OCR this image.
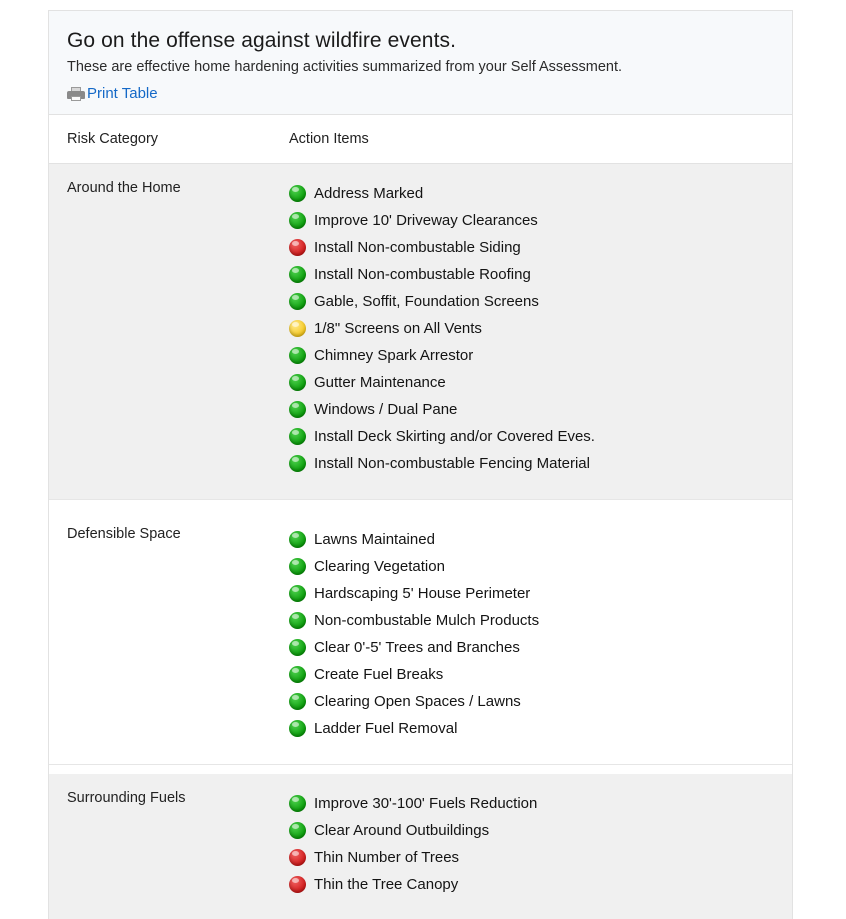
Go on the offense against wildfire events.

These are effective home hardening activities summarized from your Self Assessment.

Print Table
Risk Category	Action Items
Around the Home	Address Marked
Improve 10' Driveway Clearances
Install Non-combustable Siding
Install Non-combustable Roofing
Gable, Soffit, Foundation Screens
1/8" Screens on All Vents
Chimney Spark Arrestor
Gutter Maintenance
Windows / Dual Pane
Install Deck Skirting and/or Covered Eves.
Install Non-combustable Fencing Material

Defensible Space	Lawns Maintained
Clearing Vegetation
Hardscaping 5' House Perimeter
Non-combustable Mulch Products
Clear 0'-5' Trees and Branches
Create Fuel Breaks
Clearing Open Spaces / Lawns
Ladder Fuel Removal

Surrounding Fuels	Improve 30'-100' Fuels Reduction
Clear Around Outbuildings
Thin Number of Trees
Thin the Tree Canopy
